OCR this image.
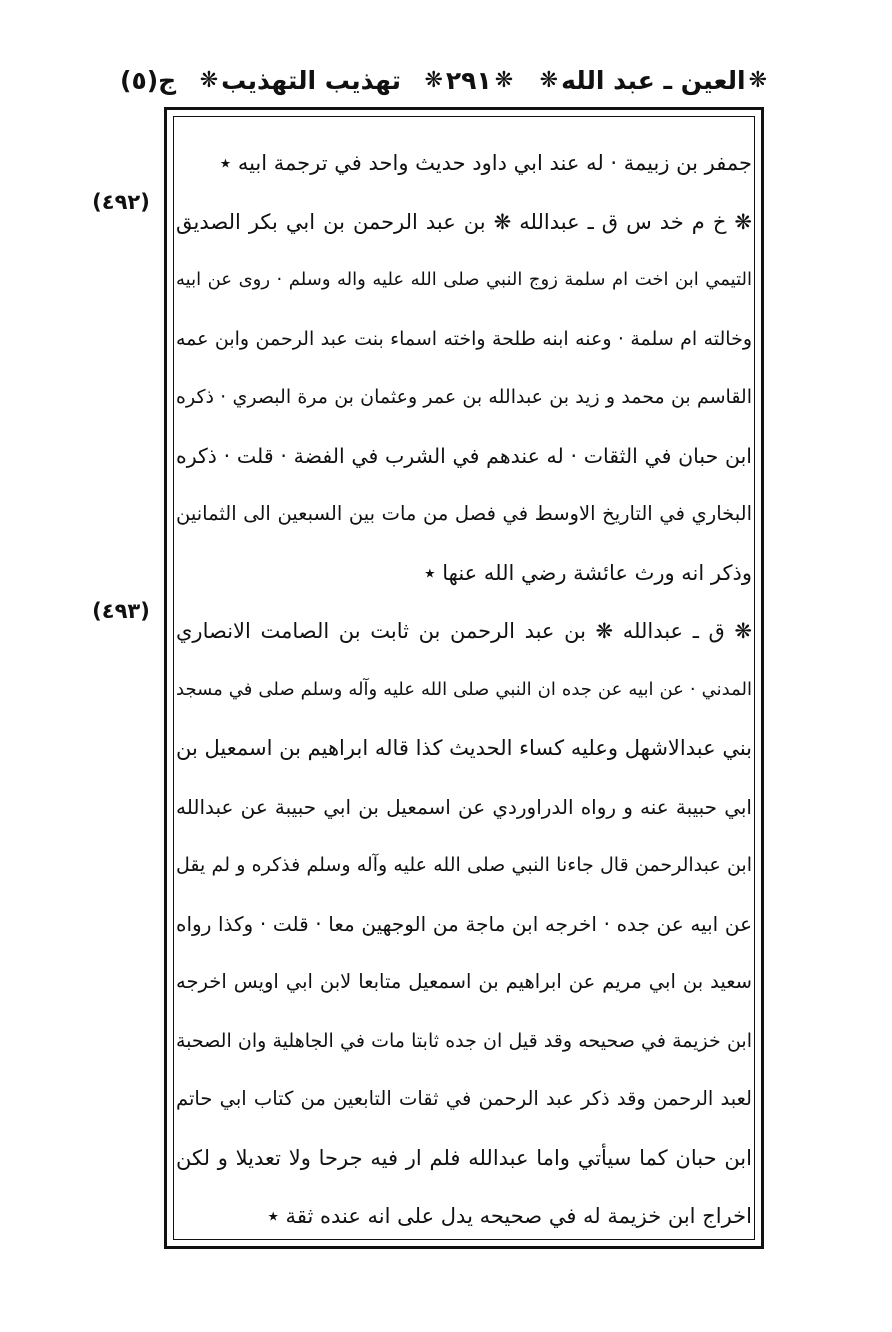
❋
العين ـ عبد الله
❋
❋
٢٩١
❋
تهذيب التهذيب
❋
ج(٥)
جمفر بن زبيمة · له عند ابي داود حديث واحد في ترجمة ابيه ٭
❋ خ م خد س ق ـ عبدالله ❋ بن عبد الرحمن بن ابي بكر الصديق
التيمي ابن اخت ام سلمة زوج النبي صلى الله عليه واله وسلم · روى عن ابيه
وخالته ام سلمة · وعنه ابنه طلحة واخته اسماء بنت عبد الرحمن وابن عمه
القاسم بن محمد و زيد بن عبدالله بن عمر وعثمان بن مرة البصري · ذكره
ابن حبان في الثقات · له عندهم في الشرب في الفضة · قلت · ذكره
البخاري في التاريخ الاوسط في فصل من مات بين السبعين الى الثمانين
وذكر انه ورث عائشة رضي الله عنها ٭
❋ ق ـ عبدالله ❋ بن عبد الرحمن بن ثابت بن الصامت الانصاري
المدني · عن ابيه عن جده ان النبي صلى الله عليه وآله وسلم صلى في مسجد
بني عبدالاشهل وعليه كساء الحديث كذا قاله ابراهيم بن اسمعيل بن
ابي حبيبة عنه و رواه الدراوردي عن اسمعيل بن ابي حبيبة عن عبدالله
ابن عبدالرحمن قال جاءنا النبي صلى الله عليه وآله وسلم فذكره و لم يقل
عن ابيه عن جده · اخرجه ابن ماجة من الوجهين معا · قلت · وكذا رواه
سعيد بن ابي مريم عن ابراهيم بن اسمعيل متابعا لابن ابي اويس اخرجه
ابن خزيمة في صحيحه وقد قيل ان جده ثابتا مات في الجاهلية وان الصحبة
لعبد الرحمن وقد ذكر عبد الرحمن في ثقات التابعين من كتاب ابي حاتم
ابن حبان كما سيأتي واما عبدالله فلم ار فيه جرحا ولا تعديلا و لكن
اخراج ابن خزيمة له في صحيحه يدل على انه عنده ثقة ٭
(٤٩٢)
(٤٩٣)
